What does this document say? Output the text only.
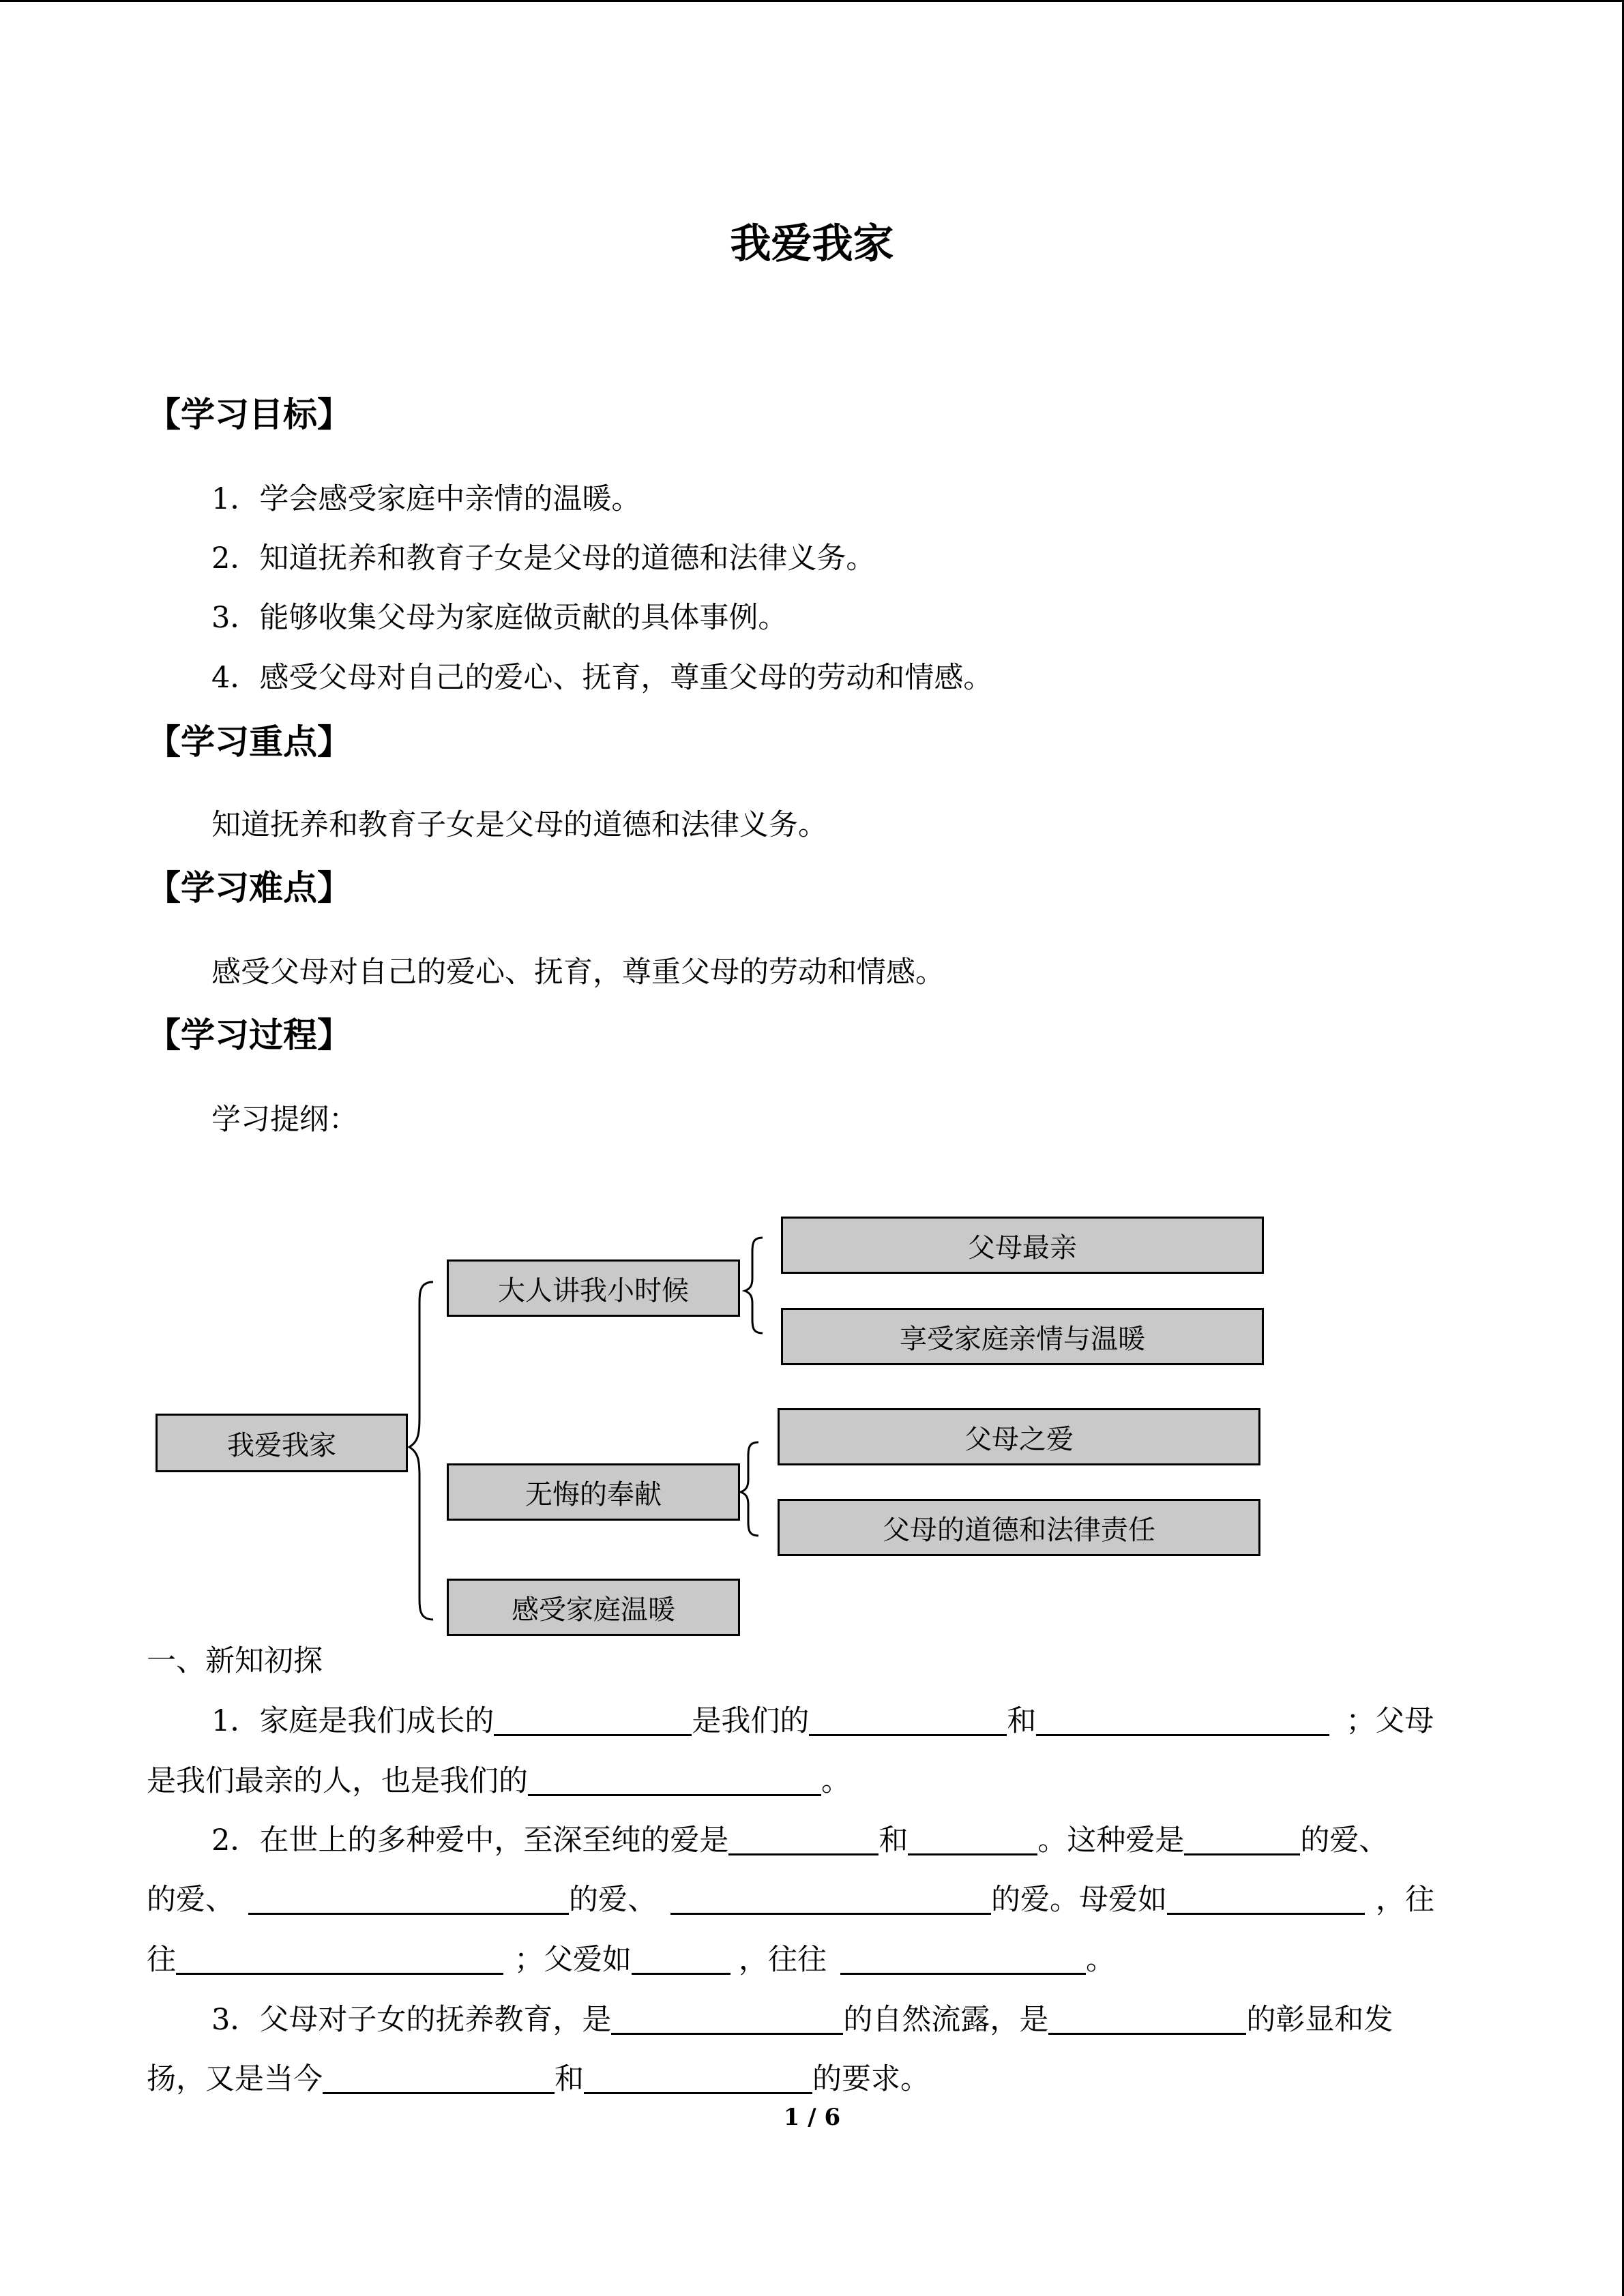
我爱我家
【学习目标】
1．学会感受家庭中亲情的温暖。
2．知道抚养和教育子女是父母的道德和法律义务。
3．能够收集父母为家庭做贡献的具体事例。
4．感受父母对自己的爱心、抚育，尊重父母的劳动和情感。
【学习重点】
知道抚养和教育子女是父母的道德和法律义务。
【学习难点】
感受父母对自己的爱心、抚育，尊重父母的劳动和情感。
【学习过程】
学习提纲：
我爱我家
大人讲我小时候
无悔的奉献
感受家庭温暖
父母最亲
享受家庭亲情与温暖
父母之爱
父母的道德和法律责任
一、新知初探
1．家庭是我们成长的	是我们的	和	；父母
是我们最亲的人，也是我们的	。
2．在世上的多种爱中，至深至纯的爱是	和	。这种爱是	的爱、
的爱、	的爱、	的爱。母爱如	，往
往	；父爱如	，往往	。
3．父母对子女的抚养教育，是	的自然流露，是	的彰显和发
扬，又是当今	和	的要求。
1 / 6
